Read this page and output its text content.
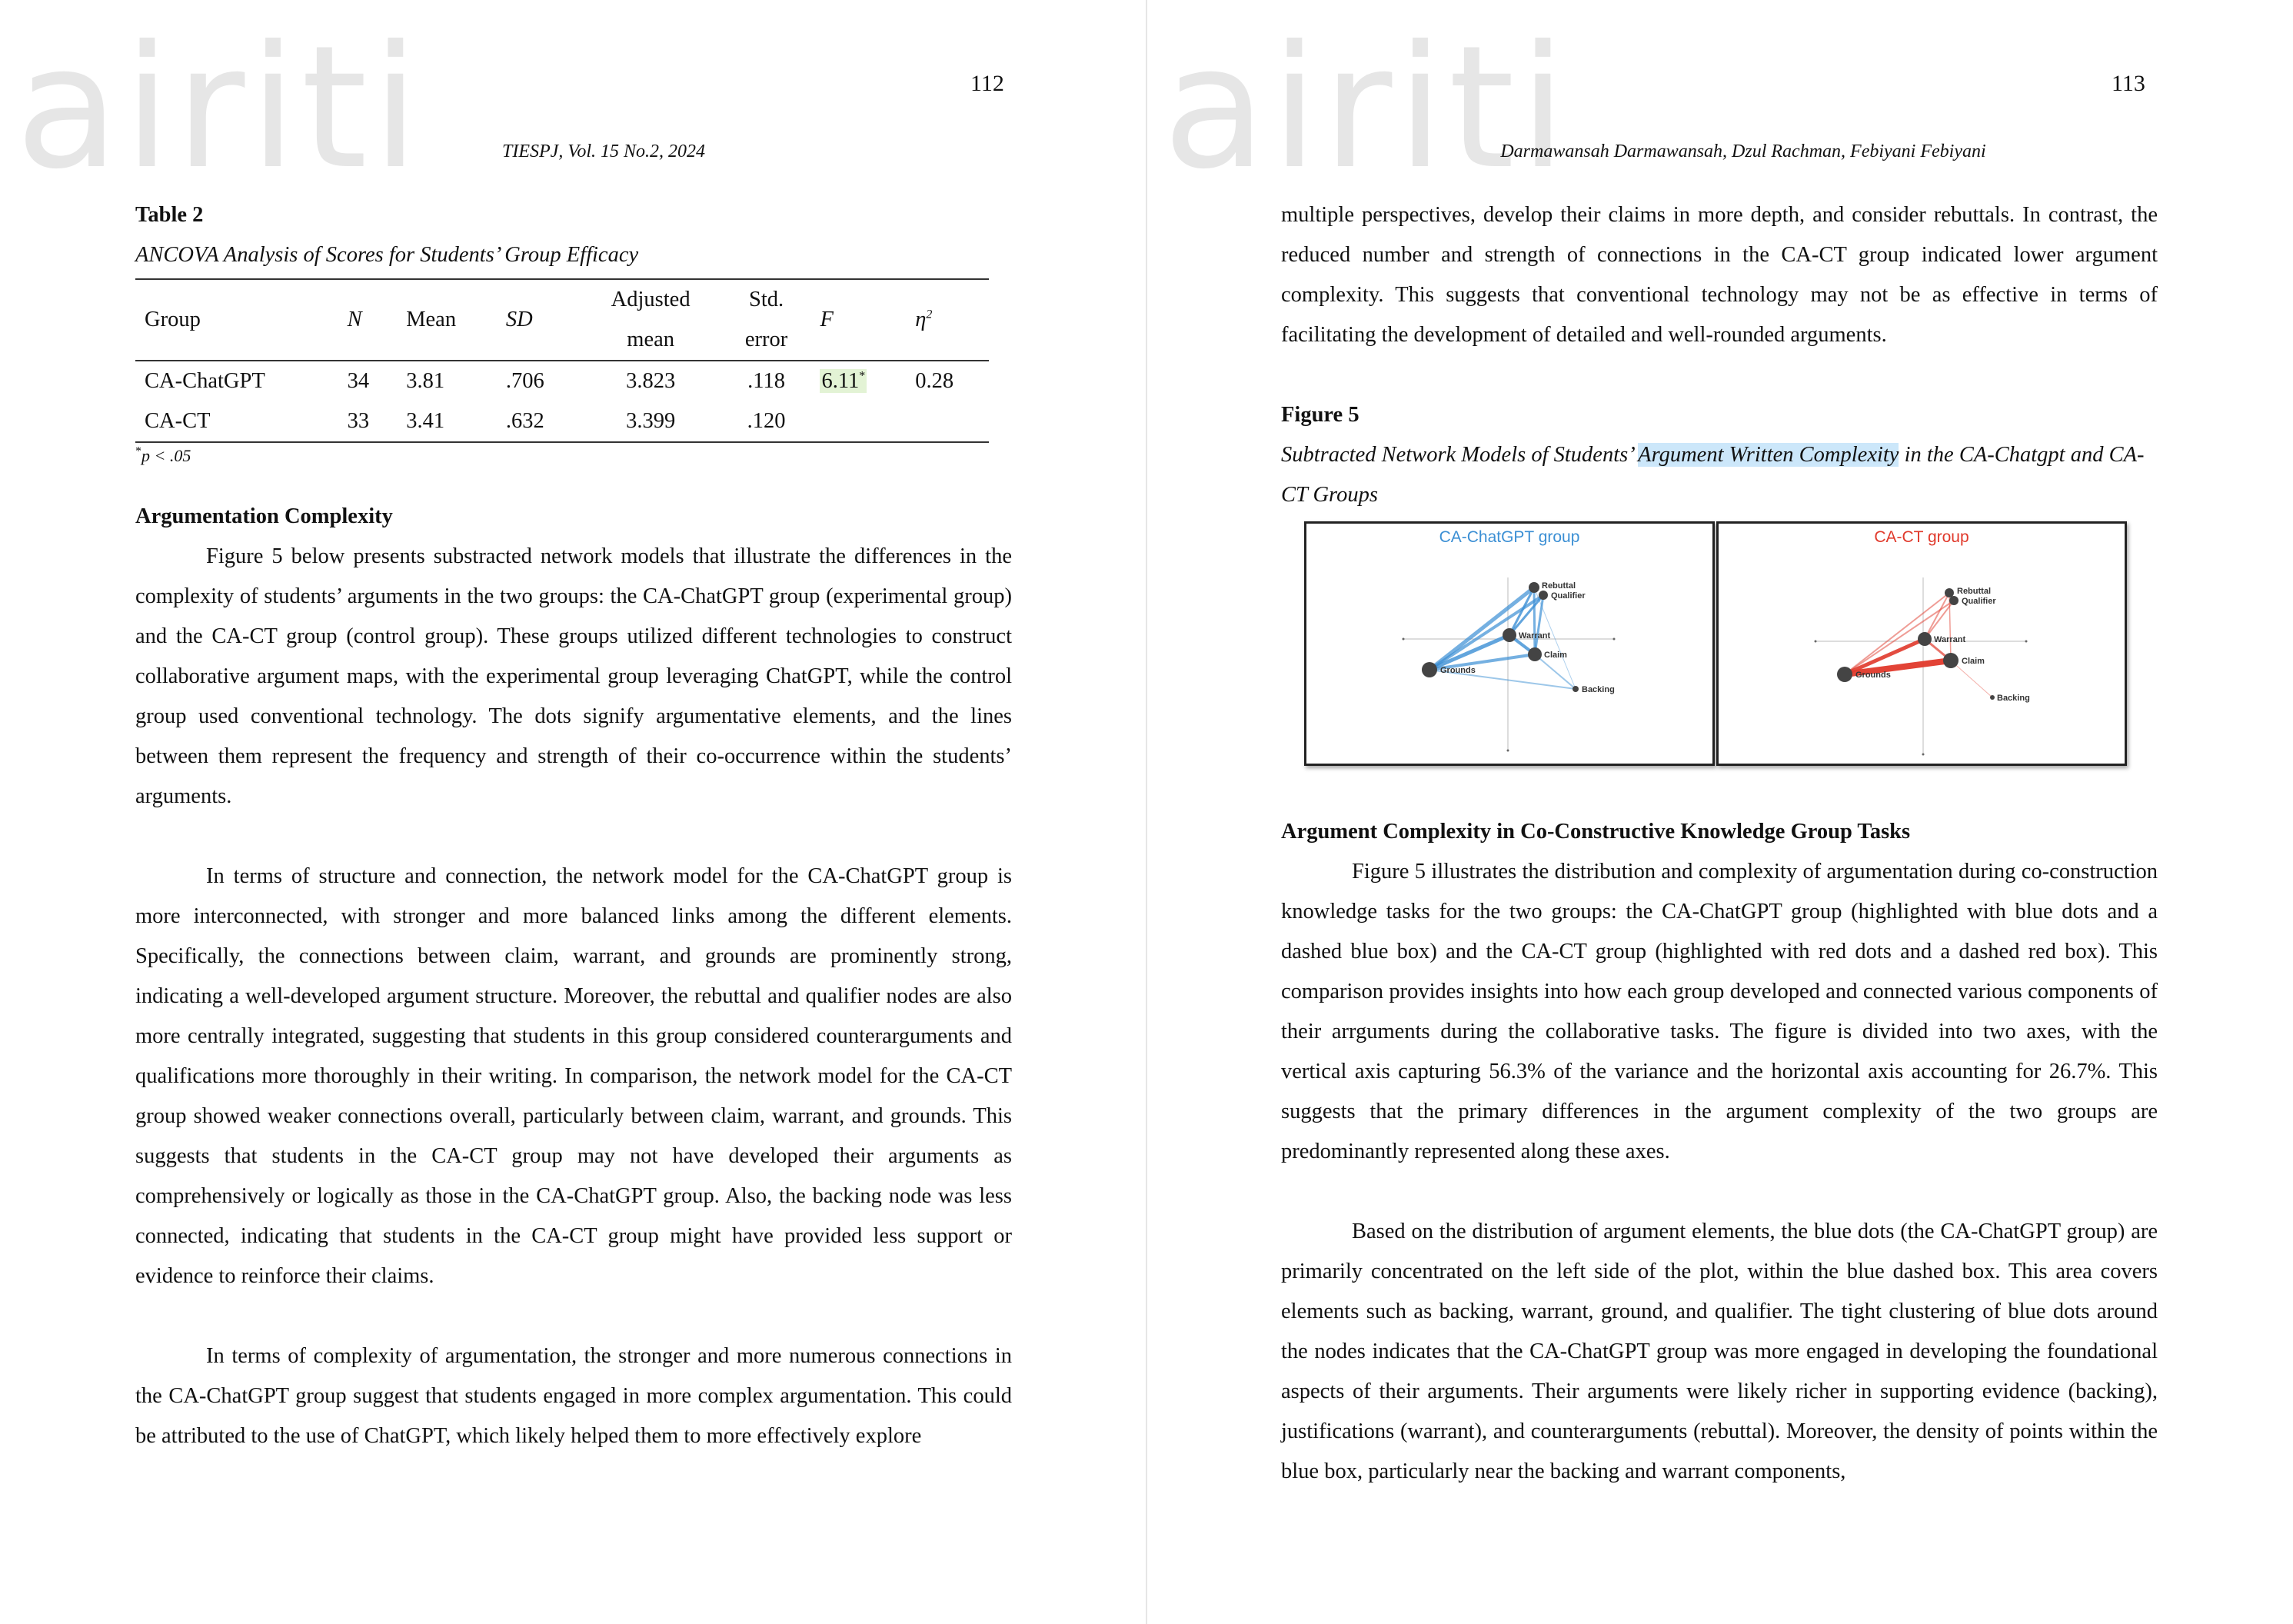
airiti	112
TIESPJ, Vol. 15 No.2, 2024
Table 2
ANCOVA Analysis of Scores for Students’ Group Efficacy
Group	N	Mean	SD	Adjusted	Std.	F	$\eta^2$
				mean	error		
CA-ChatGPT	34	3.81	.706	3.823	.118	6.11*	0.28
CA-CT	33	3.41	.632	3.399	.120		
*p < .05

Argumentation Complexity

Figure 5 below presents substracted network models that illustrate the differences in the complexity of students’ arguments in the two groups: the CA-ChatGPT group (experimental group) and the CA-CT group (control group). These groups utilized different technologies to construct collaborative argument maps, with the experimental group leveraging ChatGPT, while the control group used conventional technology. The dots signify argumentative elements, and the lines between them represent the frequency and strength of their co-occurrence within the students’ arguments.

In terms of structure and connection, the network model for the CA-ChatGPT group is more interconnected, with stronger and more balanced links among the different elements. Specifically, the connections between claim, warrant, and grounds are prominently strong, indicating a well-developed argument structure. Moreover, the rebuttal and qualifier nodes are also more centrally integrated, suggesting that students in this group considered counterarguments and qualifications more thoroughly in their writing. In comparison, the network model for the CA-CT group showed weaker connections overall, particularly between claim, warrant, and grounds. This suggests that students in the CA-CT group may not have developed their arguments as comprehensively or logically as those in the CA-ChatGPT group. Also, the backing node was less connected, indicating that students in the CA-CT group might have provided less support or evidence to reinforce their claims.

In terms of complexity of argumentation, the stronger and more numerous connections in the CA-ChatGPT group suggest that students engaged in more complex argumentation. This could be attributed to the use of ChatGPT, which likely helped them to more effectively explore

airiti	113
Darmawansah Darmawansah, Dzul Rachman, Febiyani Febiyani

multiple perspectives, develop their claims in more depth, and consider rebuttals. In contrast, the reduced number and strength of connections in the CA-CT group indicated lower argument complexity. This suggests that conventional technology may not be as effective in terms of facilitating the development of detailed and well-rounded arguments.

Figure 5

Subtracted Network Models of Students’ Argument Written Complexity in the CA-Chatgpt and CA-CT Groups

CA-ChatGPT group
Rebuttal
Qualifier
Warrant
Claim
Grounds
Backing
CA-CT group
Rebuttal
Qualifier
Warrant
Claim
Grounds
Backing

Argument Complexity in Co-Constructive Knowledge Group Tasks

Figure 5 illustrates the distribution and complexity of argumentation during co-construction knowledge tasks for the two groups: the CA-ChatGPT group (highlighted with blue dots and a dashed blue box) and the CA-CT group (highlighted with red dots and a dashed red box). This comparison provides insights into how each group developed and connected various components of their arrguments during the collaborative tasks. The figure is divided into two axes, with the vertical axis capturing 56.3% of the variance and the horizontal axis accounting for 26.7%. This suggests that the primary differences in the argument complexity of the two groups are predominantly represented along these axes.

Based on the distribution of argument elements, the blue dots (the CA-ChatGPT group) are primarily concentrated on the left side of the plot, within the blue dashed box. This area covers elements such as backing, warrant, ground, and qualifier. The tight clustering of blue dots around the nodes indicates that the CA-ChatGPT group was more engaged in developing the foundational aspects of their arguments. Their arguments were likely richer in supporting evidence (backing), justifications (warrant), and counterarguments (rebuttal). Moreover, the density of points within the blue box, particularly near the backing and warrant components,
